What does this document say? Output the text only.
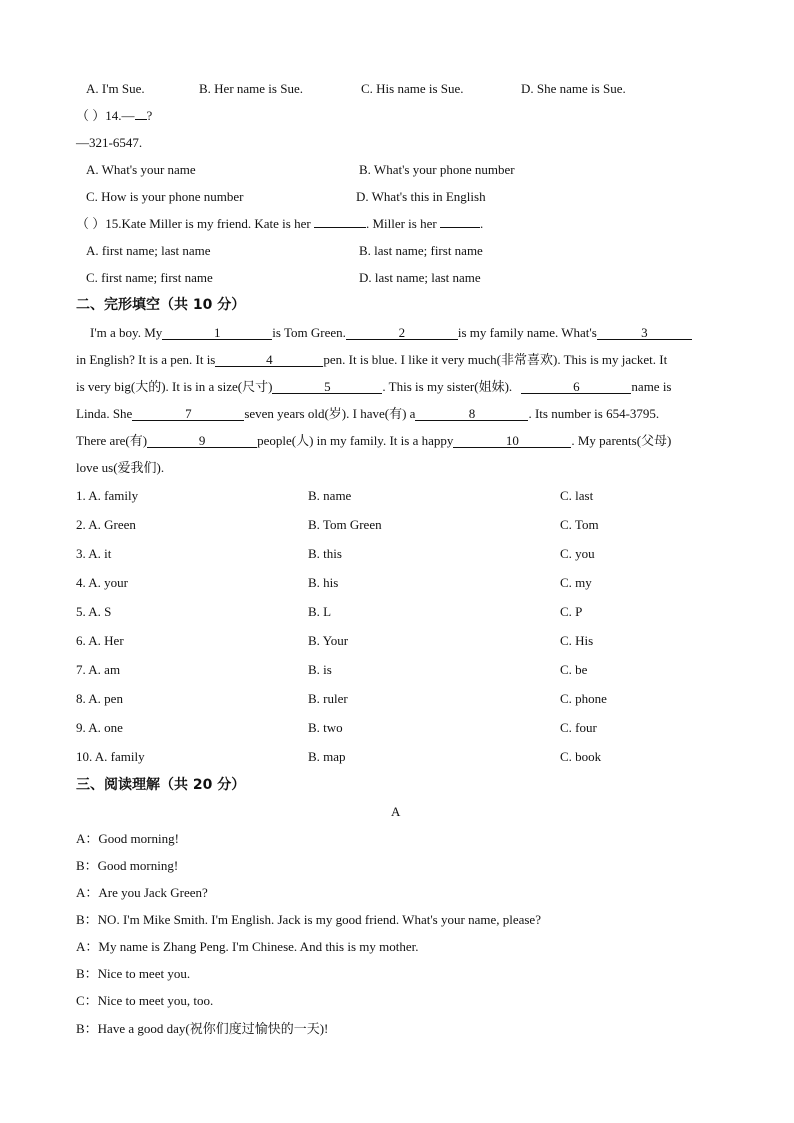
A. I'm Sue.	B. Her name is Sue.	C. His name is Sue.	D. She name is Sue.
（ ）14.— ?
—321-6547.
A. What's your name	B. What's your phone number
C. How is your phone number	D. What's this in English
（ ）15.Kate Miller is my friend. Kate is her	. Miller is her	.
A. first name; last name	B. last name; first name
C. first name; first name	D. last name; last name
二、完形填空（共 10 分）
I'm a boy. My	1	is Tom Green.	2	is my family name. What's	3
in English? It is a pen. It is	4	pen. It is blue. I like it very much(非常喜欢). This is my jacket. It
is very big(大的). It is in a size(尺寸)	5	. This is my sister(姐妹).	6	name is
Linda. She	7	seven years old(岁). I have(有) a	8	. Its number is 654-3795.
There are(有)	9	people(人) in my family. It is a happy	10	. My parents(父母)
love us(爱我们).
1. A. family	B. name	C. last
2. A. Green	B. Tom Green	C. Tom
3. A. it	B. this	C. you
4. A. your	B. his	C. my
5. A. S	B. L	C. P
6. A. Her	B. Your	C. His
7. A. am	B. is	C. be
8. A. pen	B. ruler	C. phone
9. A. one	B. two	C. four
10. A. family	B. map	C. book
三、阅读理解（共 20 分）
A
A：Good morning!
B：Good morning!
A：Are you Jack Green?
B：NO. I'm Mike Smith. I'm English. Jack is my good friend. What's your name, please?
A：My name is Zhang Peng. I'm Chinese. And this is my mother.
B：Nice to meet you.
C：Nice to meet you, too.
B：Have a good day(祝你们度过愉快的一天)!
